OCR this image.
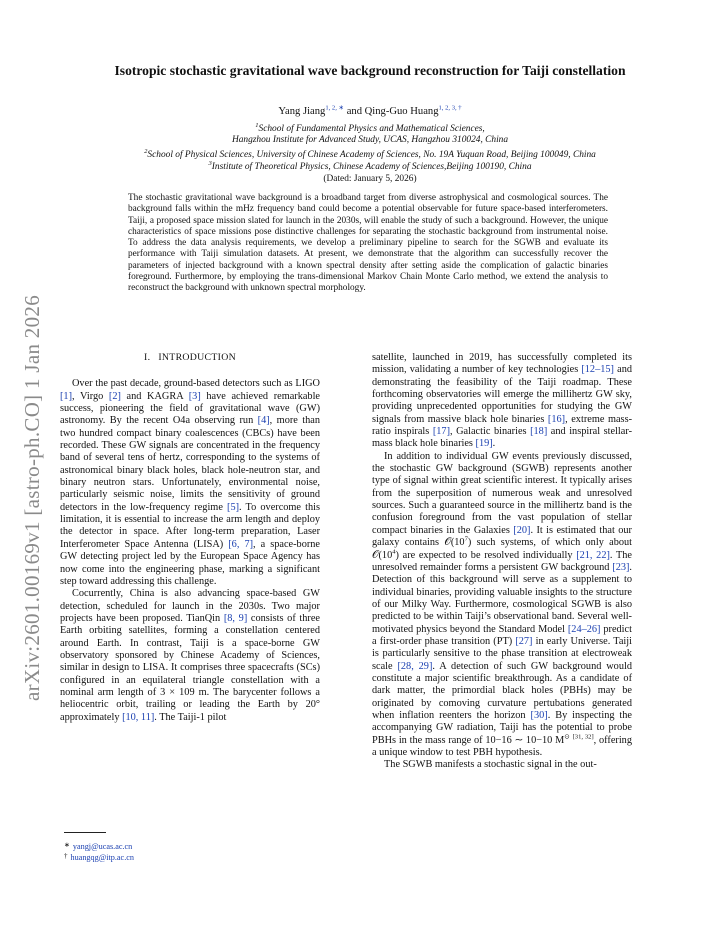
arXiv:2601.00169v1 [astro-ph.CO] 1 Jan 2026
Isotropic stochastic gravitational wave background reconstruction for Taiji constellation
Yang Jiang$^{1, 2, ∗}$ and Qing-Guo Huang$^{1, 2, 3, \dagger}$
$^1$School of Fundamental Physics and Mathematical Sciences,
Hangzhou Institute for Advanced Study, UCAS, Hangzhou 310024, China
$^2$School of Physical Sciences, University of Chinese Academy of Sciences, No. 19A Yuquan Road, Beijing 100049, China
$^3$Institute of Theoretical Physics, Chinese Academy of Sciences,Beijing 100190, China
(Dated: January 5, 2026)
The stochastic gravitational wave background is a broadband target from diverse astrophysical and cosmological sources. The background falls within the mHz frequency band could become a potential observable for future space-based interferometers. Taiji, a proposed space mission slated for launch in the 2030s, will enable the study of such a background. However, the unique characteristics of space missions pose distinctive challenges for separating the stochastic background from instrumental noise. To address the data analysis requirements, we develop a preliminary pipeline to search for the SGWB and evaluate its performance with Taiji simulation datasets. At present, we demonstrate that the algorithm can successfully recover the parameters of injected background with a known spectral density after setting aside the complication of galactic binaries foreground. Furthermore, by employing the trans-dimensional Markov Chain Monte Carlo method, we extend the analysis to reconstruct the background with unknown spectral morphology.
I. INTRODUCTION

Over the past decade, ground-based detectors such as LIGO [1], Virgo [2] and KAGRA [3] have achieved remarkable success, pioneering the field of gravitational wave (GW) astronomy. By the recent O4a observing run [4], more than two hundred compact binary coalescences (CBCs) have been recorded. These GW signals are concentrated in the frequency band of several tens of hertz, corresponding to the systems of astronomical binary black holes, black hole-neutron star, and binary neutron stars. Unfortunately, environmental noise, particularly seismic noise, limits the sensitivity of ground detectors in the low-frequency regime [5]. To overcome this limitation, it is essential to increase the arm length and deploy the detector in space. After long-term preparation, Laser Interferometer Space Antenna (LISA) [6, 7], a space-borne GW detecting project led by the European Space Agency has now come into the engineering phase, marking a significant step toward addressing this challenge.

Cocurrently, China is also advancing space-based GW detection, scheduled for launch in the 2030s. Two major projects have been proposed. TianQin [8, 9] consists of three Earth orbiting satellites, forming a constellation centered around Earth. In contrast, Taiji is a space-borne GW observatory sponsored by Chinese Academy of Sciences, similar in design to LISA. It comprises three spacecrafts (SCs) configured in an equilateral triangle constellation with a nominal arm length of 3 × 109 m. The barycenter follows a heliocentric orbit, trailing or leading the Earth by 20° approximately [10, 11]. The Taiji-1 pilot

satellite, launched in 2019, has successfully completed its mission, validating a number of key technologies [12–15] and demonstrating the feasibility of the Taiji roadmap. These forthcoming observatories will emerge the millihertz GW sky, providing unprecedented opportunities for studying the GW signals from massive black hole binaries [16], extreme mass-ratio inspirals [17], Galactic binaries [18] and inspiral stellar-mass black hole binaries [19].

In addition to individual GW events previously discussed, the stochastic GW background (SGWB) represents another type of signal within great scientific interest. It typically arises from the superposition of numerous weak and unresolved sources. Such a guaranteed source in the millihertz band is the confusion foreground from the vast population of stellar compact binaries in the Galaxies [20]. It is estimated that our galaxy contains $𝒪(10^7)$ such systems, of which only about $𝒪(10^4)$ are expected to be resolved individually [21, 22]. The unresolved remainder forms a persistent GW background [23]. Detection of this background will serve as a supplement to individual binaries, providing valuable insights to the structure of our Milky Way. Furthermore, cosmological SGWB is also predicted to be within Taiji’s observational band. Several well-motivated physics beyond the Standard Model [24–26] predict a first-order phase transition (PT) [27] in early Universe. Taiji is particularly sensitive to the phase transition at electroweak scale [28, 29]. A detection of such GW background would constitute a major scientific breakthrough. As a candidate of dark matter, the primordial black holes (PBHs) may be originated by comoving curvature pertubations generated when inflation reenters the horizon [30]. By inspecting the accompanying GW radiation, Taiji has the potential to probe PBHs in the mass range of 10−16 ∼ 10−10 M⊙ [31, 32], offering a unique window to test PBH hypothesis.

The SGWB manifests a stochastic signal in the out-

∗ yangj@ucas.ac.cn
† huangqg@itp.ac.cn
